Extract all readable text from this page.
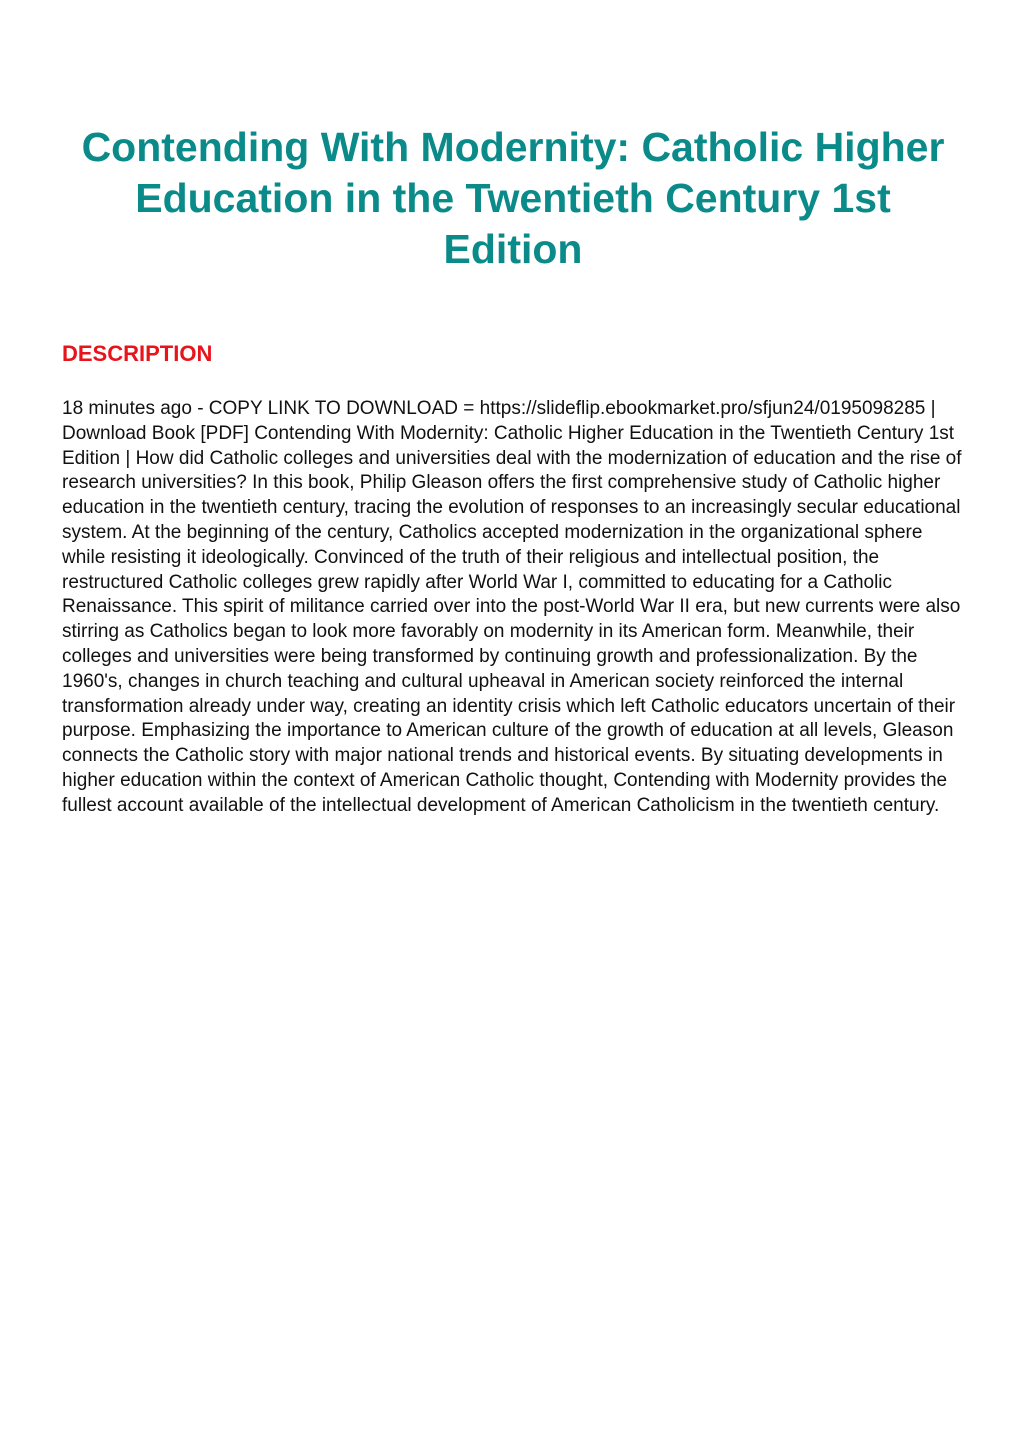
Contending With Modernity: Catholic Higher Education in the Twentieth Century 1st Edition
DESCRIPTION

18 minutes ago - COPY LINK TO DOWNLOAD = https://slideflip.ebookmarket.pro/sfjun24/0195098285 | Download Book [PDF] Contending With Modernity: Catholic Higher Education in the Twentieth Century 1st Edition | How did Catholic colleges and universities deal with the modernization of education and the rise of research universities? In this book, Philip Gleason offers the first comprehensive study of Catholic higher education in the twentieth century, tracing the evolution of responses to an increasingly secular educational system. At the beginning of the century, Catholics accepted modernization in the organizational sphere while resisting it ideologically. Convinced of the truth of their religious and intellectual position, the restructured Catholic colleges grew rapidly after World War I, committed to educating for a Catholic Renaissance. This spirit of militance carried over into the post-World War II era, but new currents were also stirring as Catholics began to look more favorably on modernity in its American form. Meanwhile, their colleges and universities were being transformed by continuing growth and professionalization. By the 1960's, changes in church teaching and cultural upheaval in American society reinforced the internal transformation already under way, creating an identity crisis which left Catholic educators uncertain of their purpose. Emphasizing the importance to American culture of the growth of education at all levels, Gleason connects the Catholic story with major national trends and historical events. By situating developments in higher education within the context of American Catholic thought, Contending with Modernity provides the fullest account available of the intellectual development of American Catholicism in the twentieth century.
